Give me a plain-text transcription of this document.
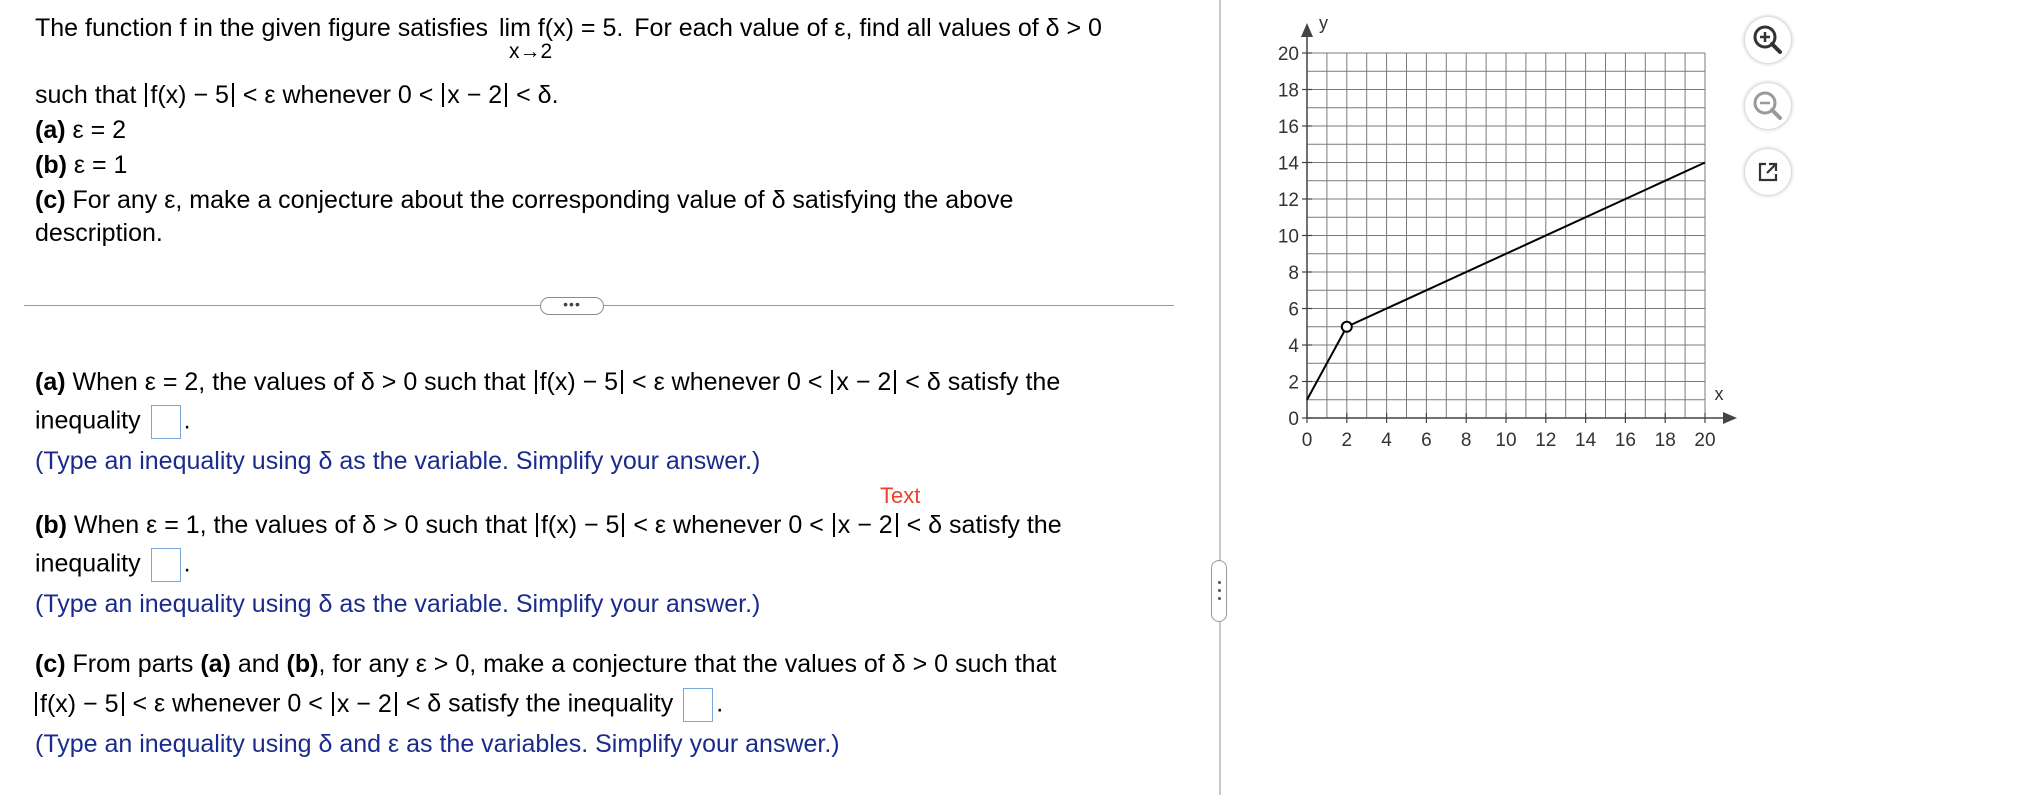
The function f in the given figure satisfies lim f(x) = 5.
x→2
For each value of ε, find all values of δ > 0
such that f(x) − 5 < ε whenever 0 < x − 2 < δ.
(a) ε = 2
(b) ε = 1
(c) For any ε, make a conjecture about the corresponding value of δ satisfying the above
description.
•••
(a) When ε = 2, the values of δ > 0 such that f(x) − 5 < ε whenever 0 < x − 2 < δ satisfy the
inequality .
(Type an inequality using δ as the variable. Simplify your answer.)
Text
(b) When ε = 1, the values of δ > 0 such that f(x) − 5 < ε whenever 0 < x − 2 < δ satisfy the
inequality .
(Type an inequality using δ as the variable. Simplify your answer.)
(c) From parts (a) and (b), for any ε > 0, make a conjecture that the values of δ > 0 such that
f(x) − 5 < ε whenever 0 < x − 2 < δ satisfy the inequality .
(Type an inequality using δ and ε as the variables. Simplify your answer.)
0 2 4 6 8 10 12 14 16 18 20
0
2
4
6
8
10
12
14
16
18
20
x
y
